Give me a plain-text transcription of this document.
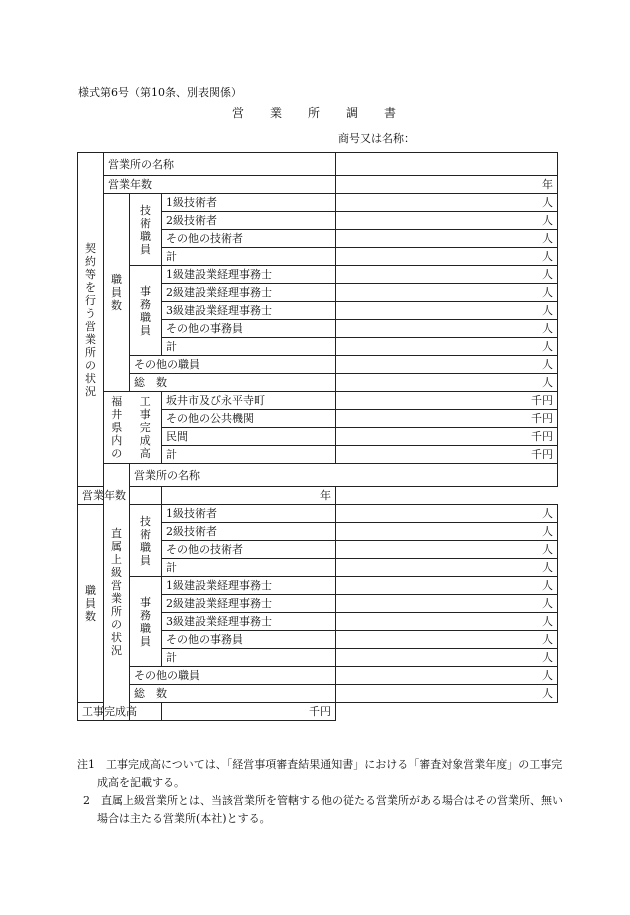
様式第6号（第10条、別表関係）
営 業 所 調 書
商号又は名称：
契約等を行う営業所の状況	営業所の名称				
	営業年数			年	
	職員数	技術職員	1級技術者	人	
			2級技術者	人	
			その他の技術者	人	
			計	人	
		事務職員	1級建設業経理事務士	人	
			2級建設業経理事務士	人	
			3級建設業経理事務士	人	
			その他の事務員	人	
			計	人	
		その他の職員		人	
		総　数		人	
	福井県内の	工事完成高	坂井市及び永平寺町	千円	
			その他の公共機関	千円	
			民間	千円	
			計	千円	
	直属上級営業所の状況	営業所の名称			
営業年数			年		
職員数		技術職員	1級技術者	人	
			2級技術者	人	
			その他の技術者	人	
			計	人	
		事務職員	1級建設業経理事務士	人	
			2級建設業経理事務士	人	
			3級建設業経理事務士	人	
			その他の事務員	人	
			計	人	
		その他の職員		人	
		総　数		人	
工事完成高			千円		

注1　工事完成高については、「経営事項審査結果通知書」における「審査対象営業年度」の工事完成高を記載する。

2　直属上級営業所とは、当該営業所を管轄する他の従たる営業所がある場合はその営業所、無い場合は主たる営業所(本社)とする。
